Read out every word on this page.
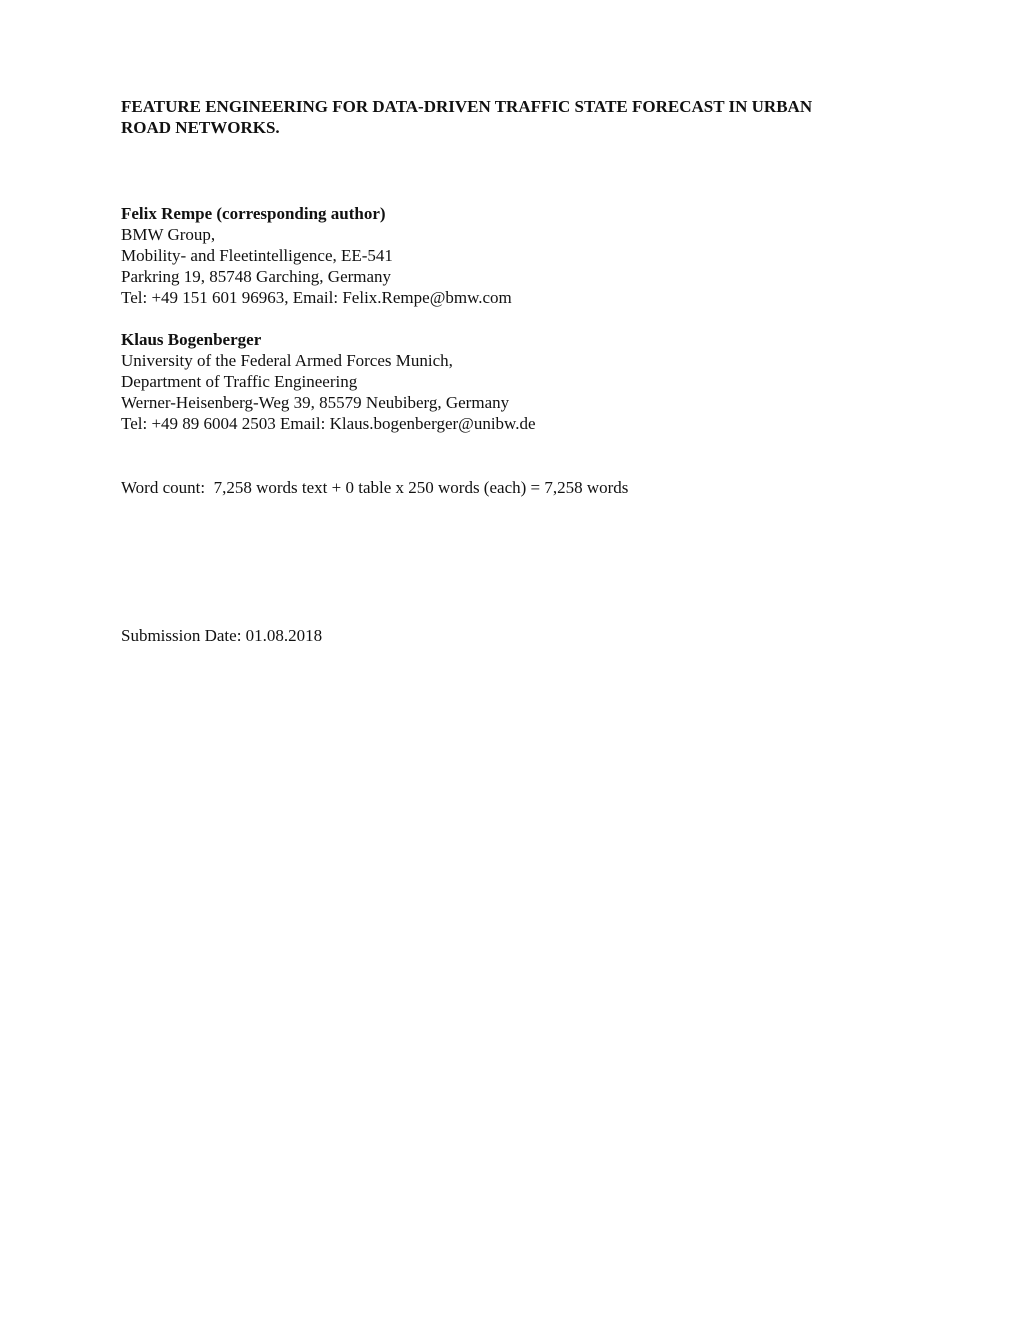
FEATURE ENGINEERING FOR DATA-DRIVEN TRAFFIC STATE FORECAST IN URBAN
ROAD NETWORKS.
Felix Rempe (corresponding author)
BMW Group,
Mobility- and Fleetintelligence, EE-541
Parkring 19, 85748 Garching, Germany
Tel: +49 151 601 96963, Email: Felix.Rempe@bmw.com
Klaus Bogenberger
University of the Federal Armed Forces Munich,
Department of Traffic Engineering
Werner-Heisenberg-Weg 39, 85579 Neubiberg, Germany
Tel: +49 89 6004 2503 Email: Klaus.bogenberger@unibw.de
Word count:  7,258 words text + 0 table x 250 words (each) = 7,258 words
Submission Date: 01.08.2018
